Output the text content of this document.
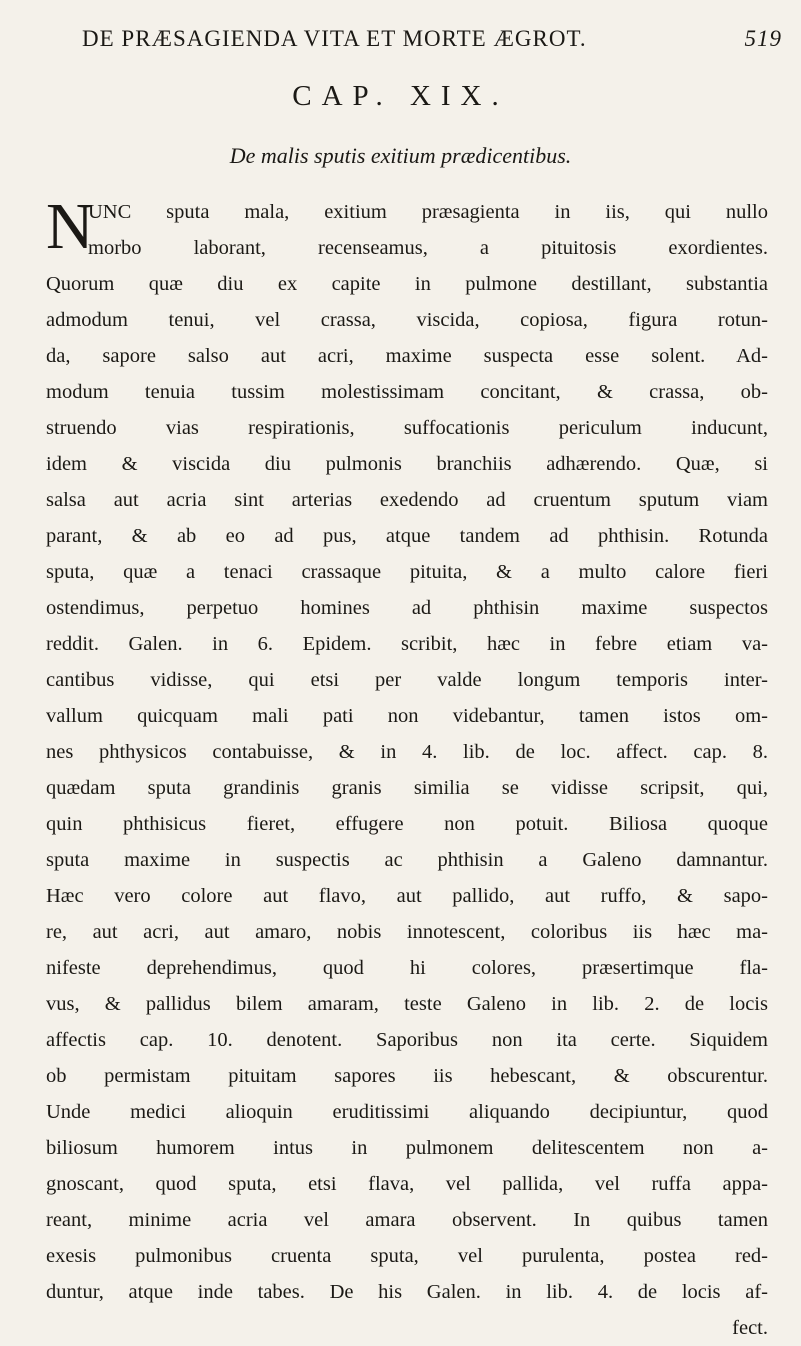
DE PRÆSAGIENDA VITA ET MORTE ÆGROT.	519
CAP. XIX.
De malis sputis exitium prædicentibus.
N
UNC sputa mala, exitium præsagienta in iis, qui nullo
morbo laborant, recenseamus, a pituitosis exordientes.
Quorum quæ diu ex capite in pulmone destillant, substantia
admodum tenui, vel crassa, viscida, copiosa, figura rotun-
da, sapore salso aut acri, maxime suspecta esse solent. Ad-
modum tenuia tussim molestissimam concitant, & crassa, ob-
struendo vias respirationis, suffocationis periculum inducunt,
idem & viscida diu pulmonis branchiis adhærendo. Quæ, si
salsa aut acria sint arterias exedendo ad cruentum sputum viam
parant, & ab eo ad pus, atque tandem ad phthisin. Rotunda
sputa, quæ a tenaci crassaque pituita, & a multo calore fieri
ostendimus, perpetuo homines ad phthisin maxime suspectos
reddit. Galen. in 6. Epidem. scribit, hæc in febre etiam va-
cantibus vidisse, qui etsi per valde longum temporis inter-
vallum quicquam mali pati non videbantur, tamen istos om-
nes phthysicos contabuisse, & in 4. lib. de loc. affect. cap. 8.
quædam sputa grandinis granis similia se vidisse scripsit, qui,
quin phthisicus fieret, effugere non potuit. Biliosa quoque
sputa maxime in suspectis ac phthisin a Galeno damnantur.
Hæc vero colore aut flavo, aut pallido, aut ruffo, & sapo-
re, aut acri, aut amaro, nobis innotescent, coloribus iis hæc ma-
nifeste deprehendimus, quod hi colores, præsertimque fla-
vus, & pallidus bilem amaram, teste Galeno in lib. 2. de locis
affectis cap. 10. denotent. Saporibus non ita certe. Siquidem
ob permistam pituitam sapores iis hebescant, & obscurentur.
Unde medici alioquin eruditissimi aliquando decipiuntur, quod
biliosum humorem intus in pulmonem delitescentem non a-
gnoscant, quod sputa, etsi flava, vel pallida, vel ruffa appa-
reant, minime acria vel amara observent. In quibus tamen
exesis pulmonibus cruenta sputa, vel purulenta, postea red-
duntur, atque inde tabes. De his Galen. in lib. 4. de locis af-
fect.
